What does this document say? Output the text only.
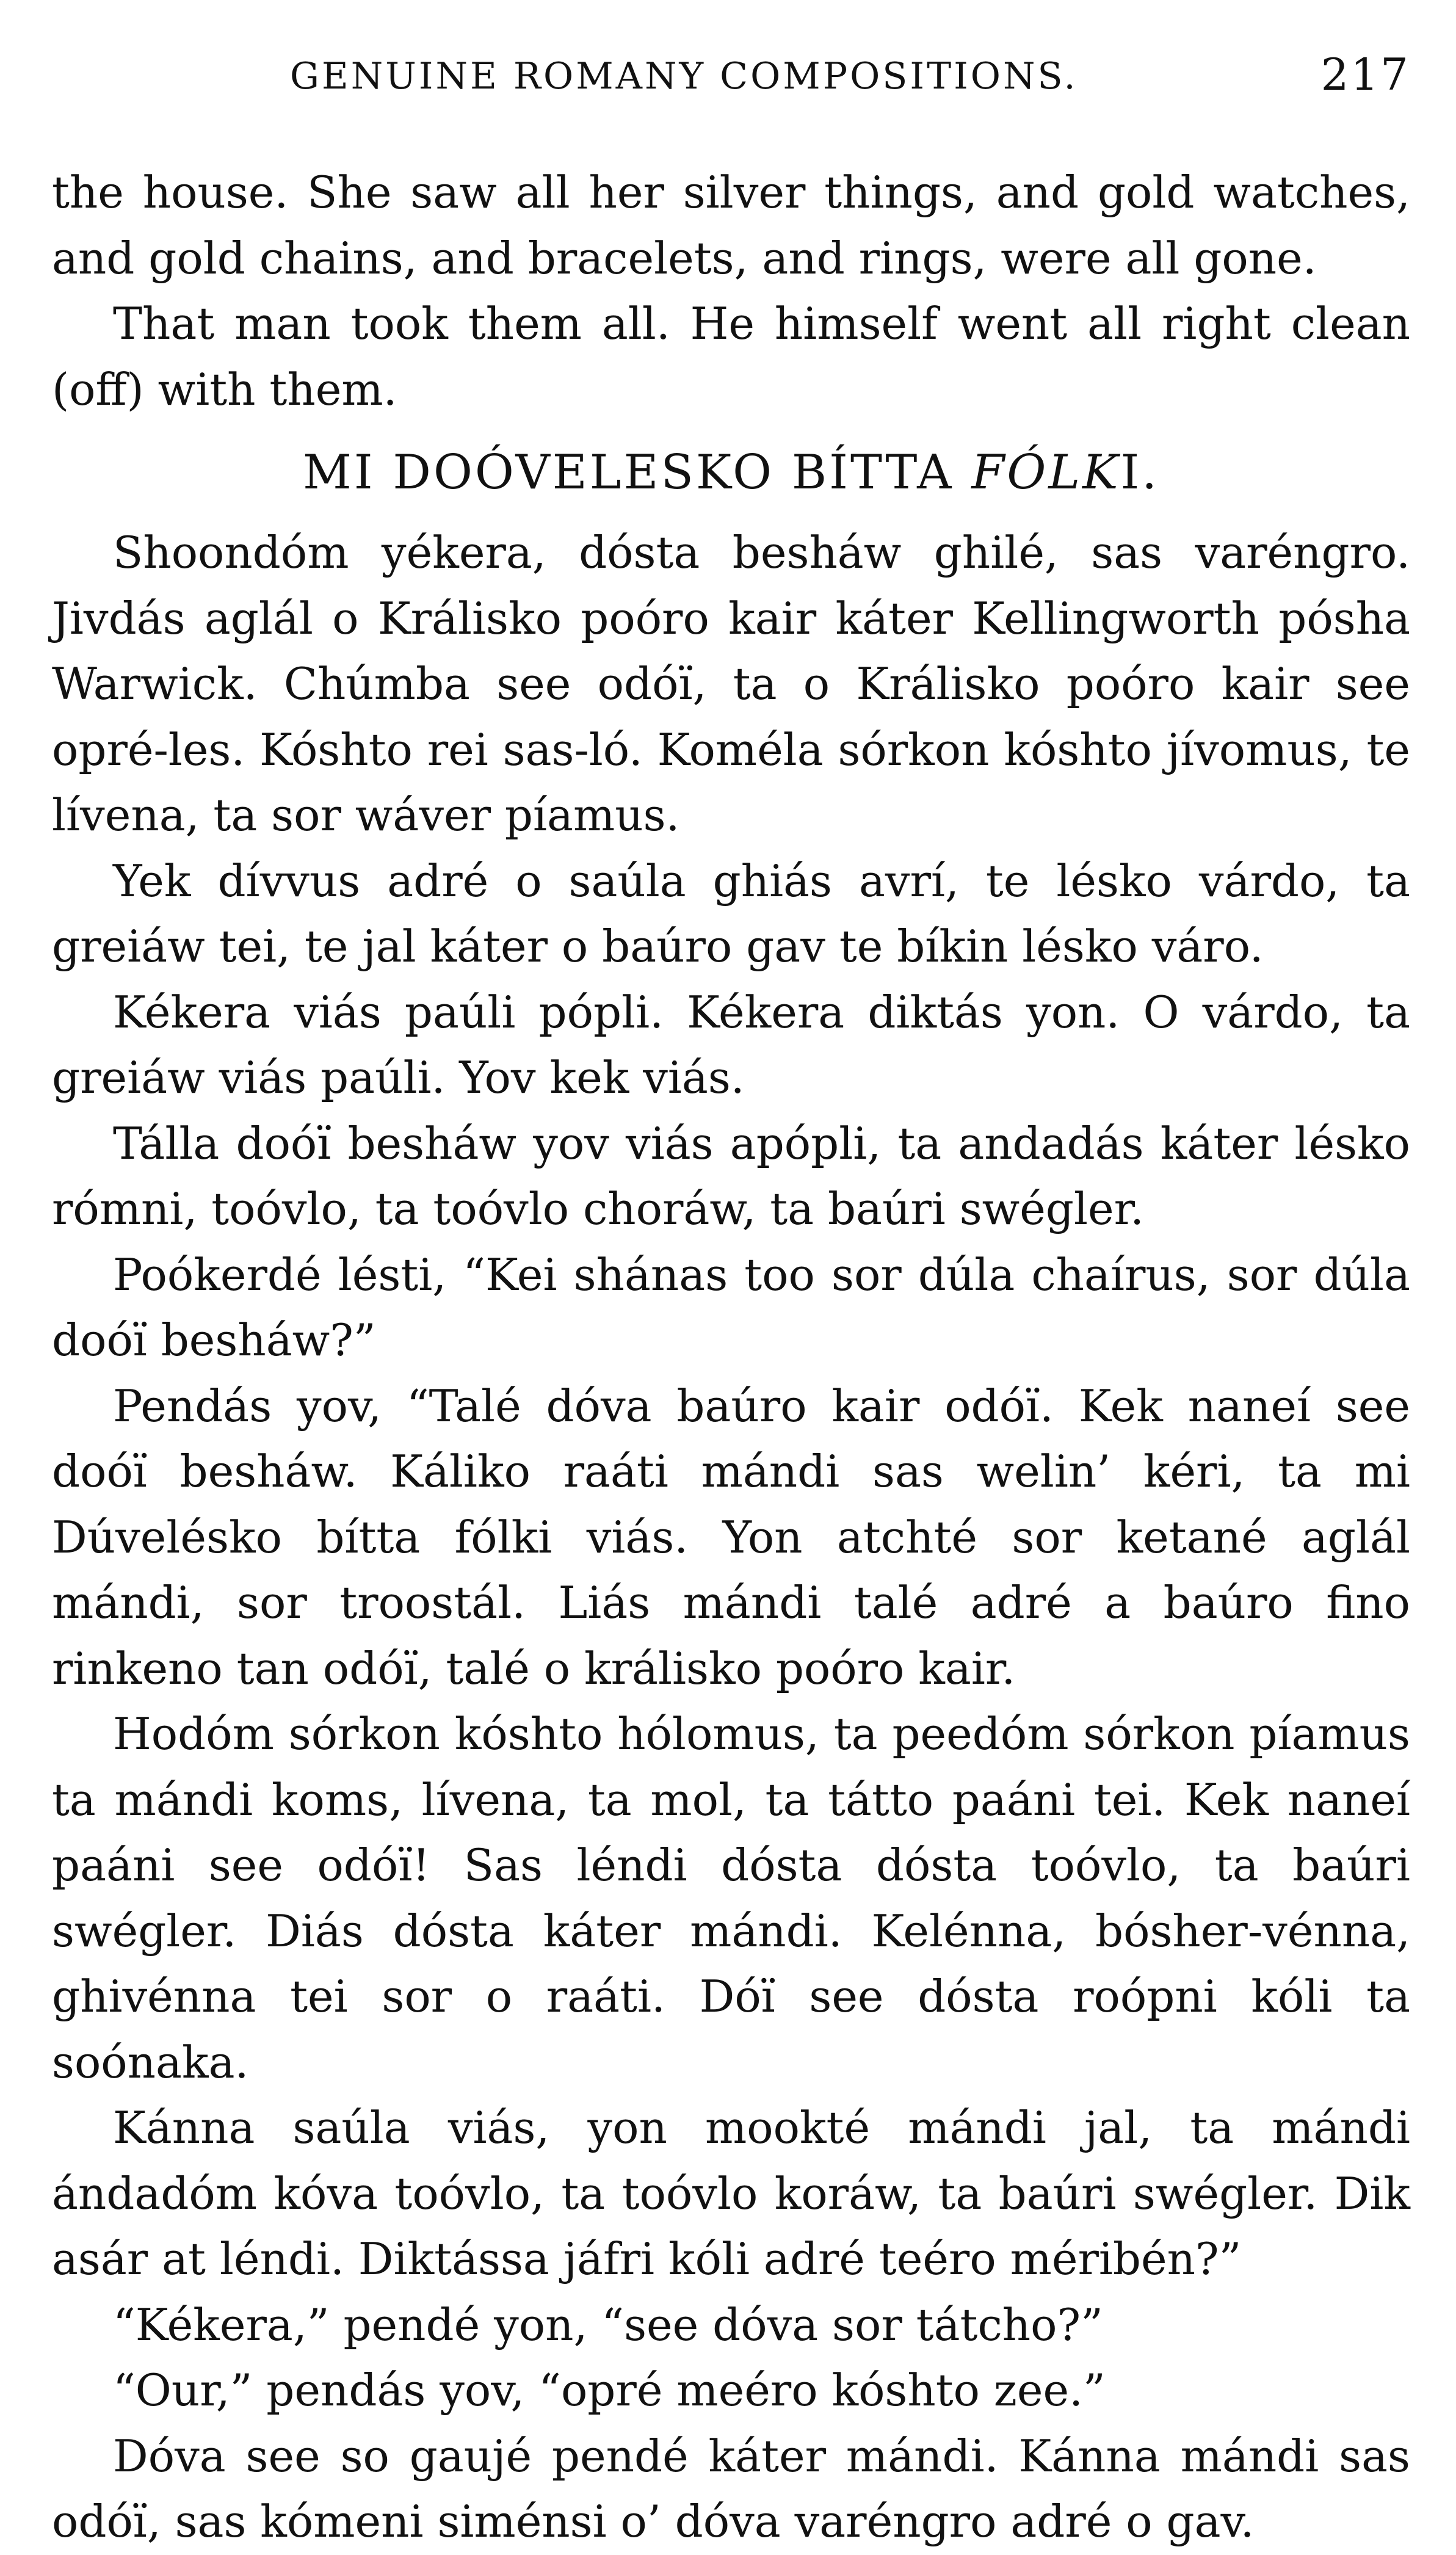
GENUINE ROMANY COMPOSITIONS.	217

the house. She saw all her silver things, and gold watches, and gold chains, and bracelets, and rings, were all gone.

That man took them all. He himself went all right clean (off) with them.

MI DOÓVELESKO BÍTTA FÓLKI.

Shoondóm yékera, dósta besháw ghilé, sas varéngro. Jivdás aglál o Králisko poóro kair káter Kellingworth pósha Warwick. Chúmba see odóï, ta o Králisko poóro kair see opré-les. Kóshto rei sas-ló. Koméla sórkon kóshto jívomus, te lívena, ta sor wáver píamus.

Yek dívvus adré o saúla ghiás avrí, te lésko várdo, ta greiáw tei, te jal káter o baúro gav te bíkin lésko váro.

Kékera viás paúli pópli. Kékera diktás yon. O várdo, ta greiáw viás paúli. Yov kek viás.

Tálla doóï besháw yov viás apópli, ta andadás káter lésko rómni, toóvlo, ta toóvlo choráw, ta baúri swégler.

Poókerdé lésti, “Kei shánas too sor dúla chaírus, sor dúla doóï besháw?”

Pendás yov, “Talé dóva baúro kair odóï. Kek naneí see doóï besháw. Káliko raáti mándi sas welin’ kéri, ta mi Dúvelésko bítta fólki viás. Yon atchté sor ketané aglál mándi, sor troostál. Liás mándi talé adré a baúro fino rinkeno tan odóï, talé o králisko poóro kair.

Hodóm sórkon kóshto hólomus, ta peedóm sórkon píamus ta mándi koms, lívena, ta mol, ta tátto paáni tei. Kek naneí paáni see odóï! Sas léndi dósta dósta toóvlo, ta baúri swégler. Diás dósta káter mándi. Kelénna, bósher-vénna, ghivénna tei sor o raáti. Dóï see dósta roópni kóli ta soónaka.

Kánna saúla viás, yon mookté mándi jal, ta mándi ándadóm kóva toóvlo, ta toóvlo koráw, ta baúri swégler. Dik asár at léndi. Diktássa jáfri kóli adré teéro méribén?”

“Kékera,” pendé yon, “see dóva sor tátcho?”

“Our,” pendás yov, “opré meéro kóshto zee.”

Dóva see so gaujé pendé káter mándi. Kánna mándi sas odóï, sas kómeni siménsi o’ dóva varéngro adré o gav.
